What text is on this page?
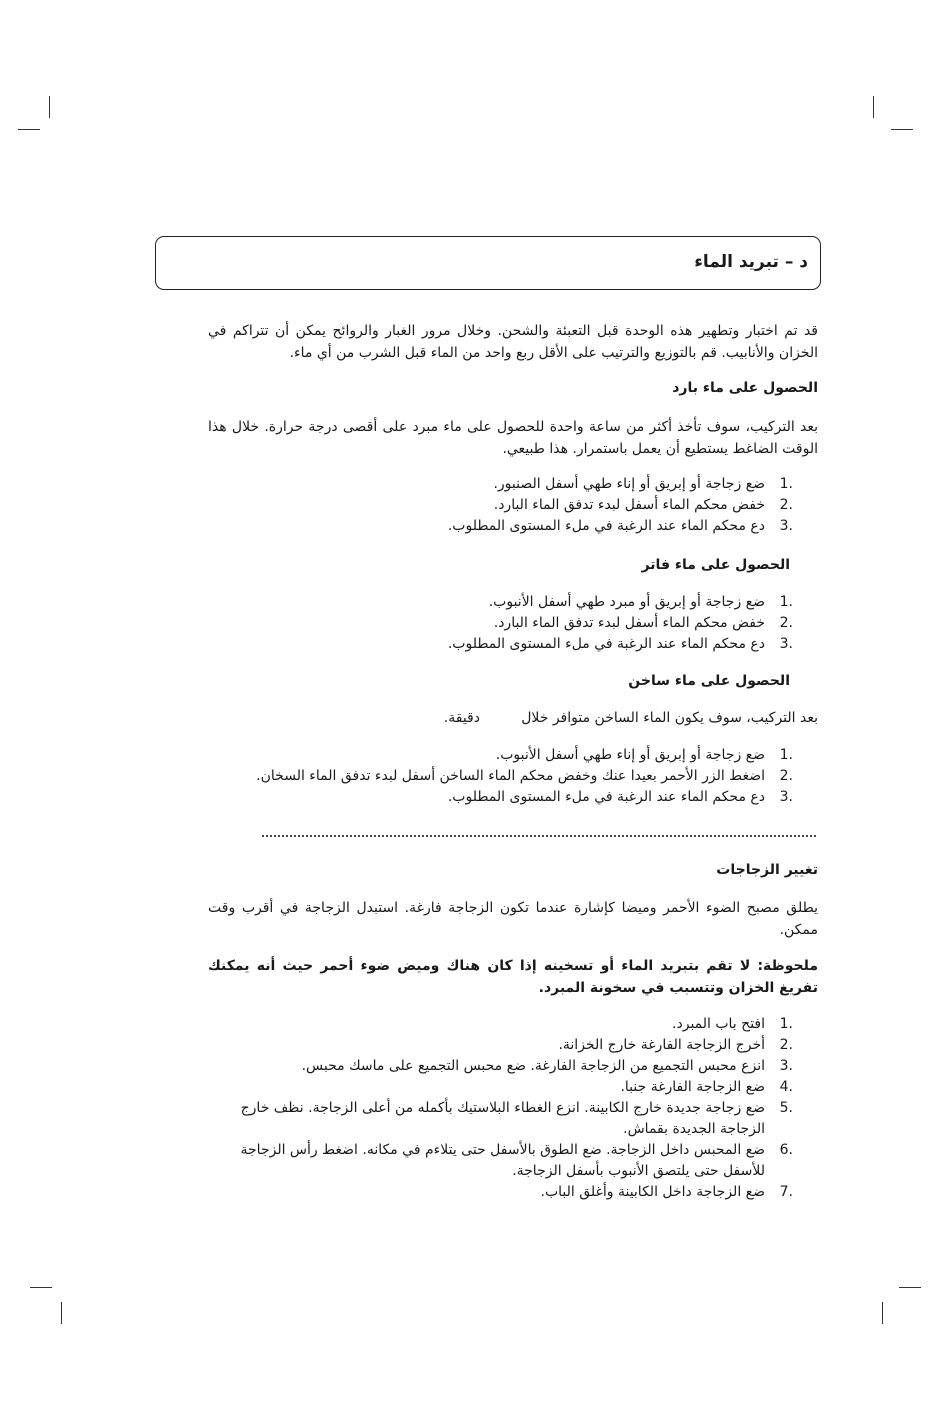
د – تبريد الماء

قد تم اختبار وتطهير هذه الوحدة قبل التعبئة والشحن. وخلال مرور الغبار والروائح يمكن أن تتراكم في الخزان والأنابيب. قم بالتوزيع والترتيب على الأقل ربع واحد من الماء قبل الشرب من أي ماء.

الحصول على ماء بارد

بعد التركيب، سوف تأخذ أكثر من ساعة واحدة للحصول على ماء مبرد على أقصى درجة حرارة. خلال هذا الوقت الضاغط يستطيع أن يعمل باستمرار. هذا طبيعي.

1.
ضع زجاجة أو إبريق أو إناء طهي أسفل الصنبور.
2.
خفض محكم الماء أسفل لبدء تدفق الماء البارد.
3.
دع محكم الماء عند الرغبة في ملء المستوى المطلوب.

الحصول على ماء فاتر

1.
ضع زجاجة أو إبريق أو مبرد طهي أسفل الأنبوب.
2.
خفض محكم الماء أسفل لبدء تدفق الماء البارد.
3.
دع محكم الماء عند الرغبة في ملء المستوى المطلوب.

الحصول على ماء ساخن

بعد التركيب، سوف يكون الماء الساخن متوافر خلال
دقيقة.
1.
ضع زجاجة أو إبريق أو إناء طهي أسفل الأنبوب.
2.
اضغط الزر الأحمر بعيدا عنك وخفض محكم الماء الساخن أسفل لبدء تدفق الماء السخان.
3.
دع محكم الماء عند الرغبة في ملء المستوى المطلوب.

تغيير الزجاجات

يطلق مصبح الضوء الأحمر وميضا كإشارة عندما تكون الزجاجة فارغة. استبدل الزجاجة في أقرب وقت ممكن.

ملحوظة: لا تقم بتبريد الماء أو تسخينه إذا كان هناك وميض ضوء أحمر حيث أنه يمكنك تفريغ الخزان وتتسبب في سخونة المبرد.

1.
افتح باب المبرد.
2.
أخرج الزجاجة الفارغة خارج الخزانة.
3.
انزع محبس التجميع من الزجاجة الفارغة. ضع محبس التجميع على ماسك محبس.
4.
ضع الزجاجة الفارغة جنبا.
5.
ضع زجاجة جديدة خارج الكابينة. انزع الغطاء البلاستيك بأكمله من أعلى الزجاجة. نظف خارج الزجاجة الجديدة بقماش.
6.
ضع المحبس داخل الزجاجة. ضع الطوق بالأسفل حتى يتلاءم في مكانه. اضغط رأس الزجاجة للأسفل حتى يلتصق الأنبوب بأسفل الزجاجة.
7.
ضع الزجاجة داخل الكابينة وأغلق الباب.
